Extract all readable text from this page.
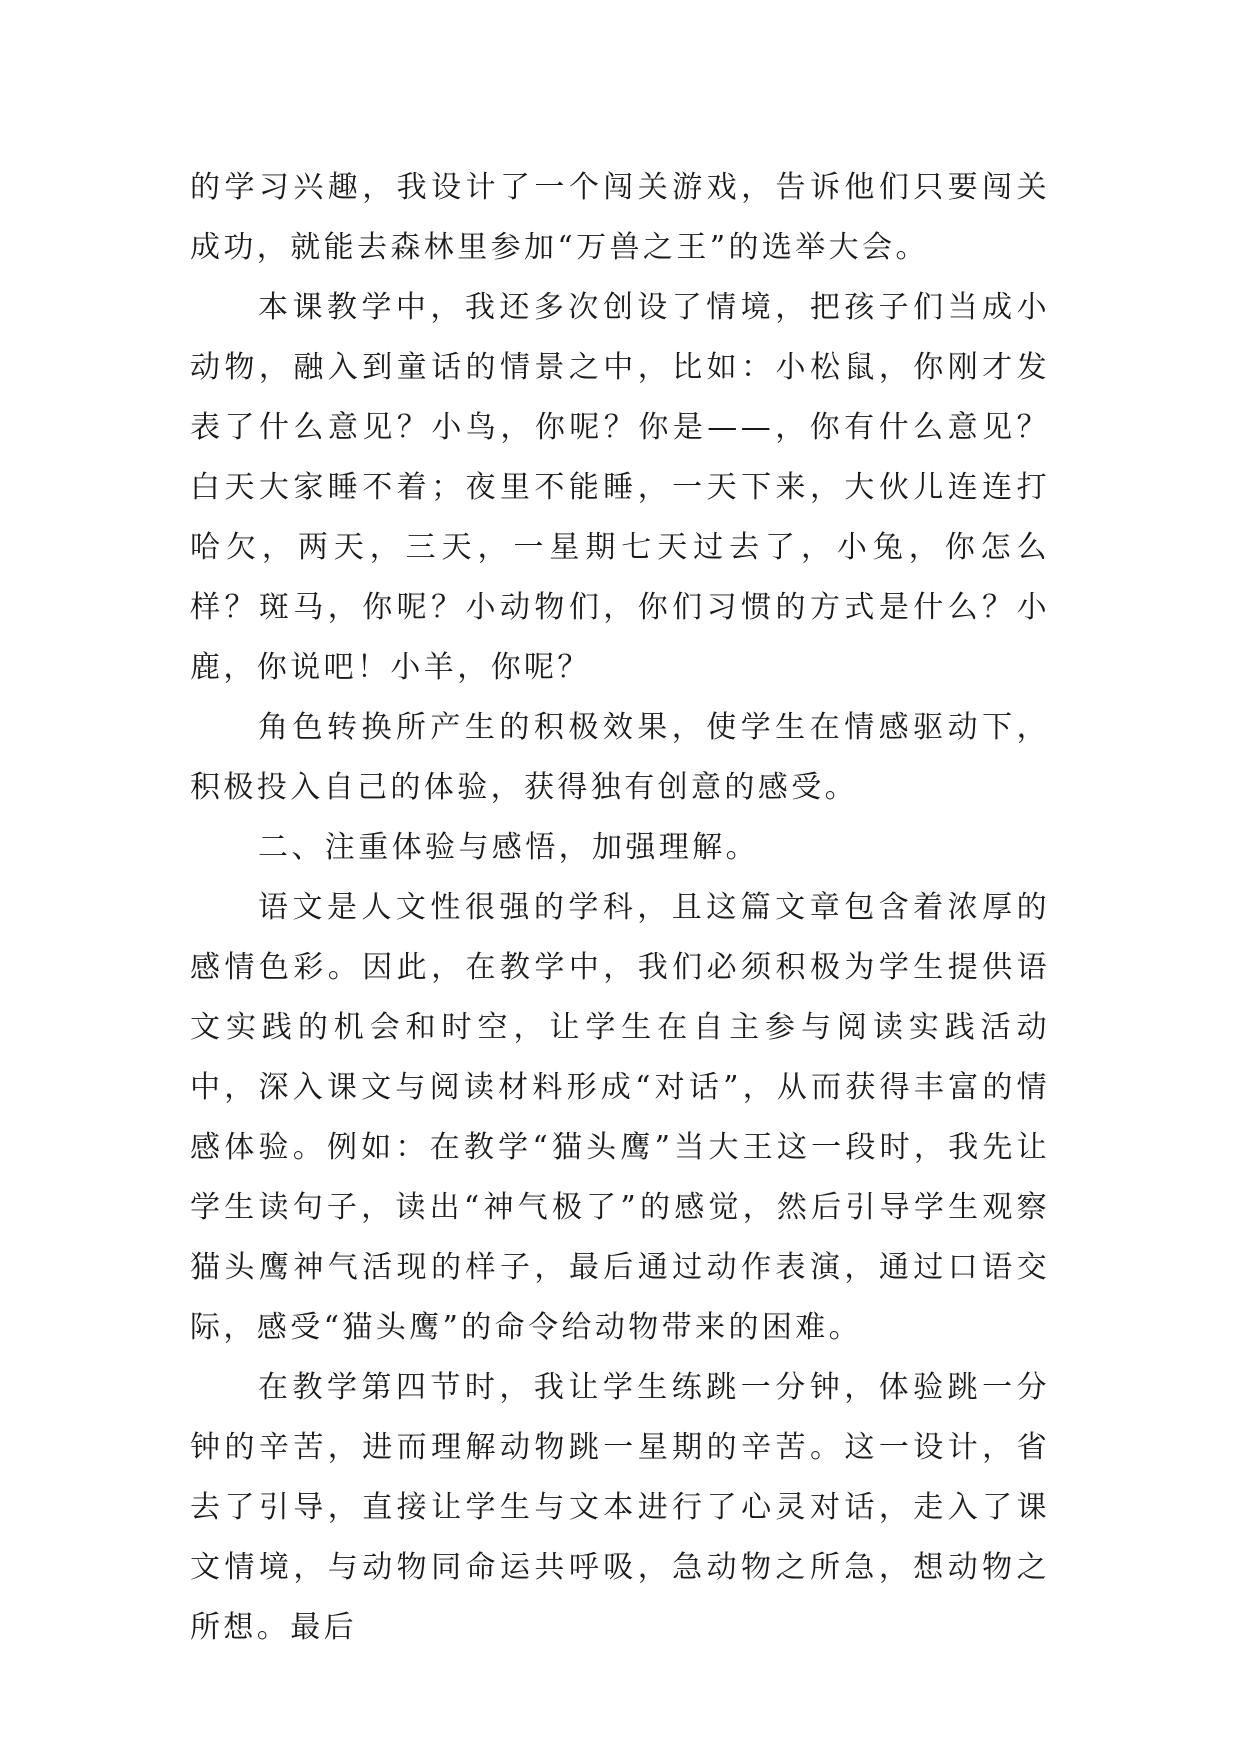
的学习兴趣，我设计了一个闯关游戏，告诉他们只要闯关成功，就能去森林里参加“万兽之王”的选举大会。

本课教学中，我还多次创设了情境，把孩子们当成小动物，融入到童话的情景之中，比如：小松鼠，你刚才发表了什么意见？小鸟，你呢？你是——，你有什么意见？白天大家睡不着；夜里不能睡，一天下来，大伙儿连连打哈欠，两天，三天，一星期七天过去了，小兔，你怎么样？斑马，你呢？小动物们，你们习惯的方式是什么？小鹿，你说吧！小羊，你呢？

角色转换所产生的积极效果，使学生在情感驱动下，积极投入自己的体验，获得独有创意的感受。

二、注重体验与感悟，加强理解。

语文是人文性很强的学科，且这篇文章包含着浓厚的感情色彩。因此，在教学中，我们必须积极为学生提供语文实践的机会和时空，让学生在自主参与阅读实践活动中，深入课文与阅读材料形成“对话”，从而获得丰富的情感体验。例如：在教学“猫头鹰”当大王这一段时，我先让学生读句子，读出“神气极了”的感觉，然后引导学生观察猫头鹰神气活现的样子，最后通过动作表演，通过口语交际，感受“猫头鹰”的命令给动物带来的困难。

在教学第四节时，我让学生练跳一分钟，体验跳一分钟的辛苦，进而理解动物跳一星期的辛苦。这一设计，省去了引导，直接让学生与文本进行了心灵对话，走入了课文情境，与动物同命运共呼吸，急动物之所急，想动物之所想。最后
